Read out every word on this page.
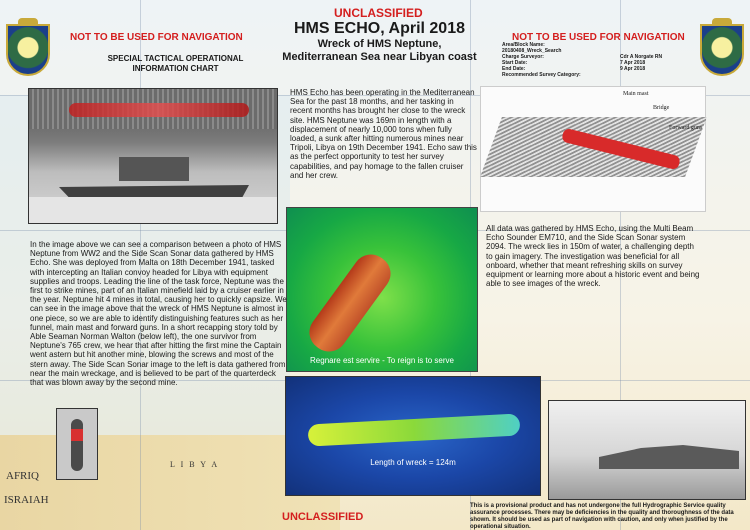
UNCLASSIFIED
HMS ECHO, April 2018
Wreck of HMS Neptune, Mediterranean Sea near Libyan coast
NOT TO BE USED FOR NAVIGATION	NOT TO BE USED FOR NAVIGATION
SPECIAL TACTICAL OPERATIONAL INFORMATION CHART
Area/Block Name:
20180408_Wreck_Search
Charge Surveyor:	Cdr A Norgate RN
Start Date:	7 Apr 2018
End Date:	9 Apr 2018
Recommended Survey Category:
HMS Echo has been operating in the Mediterranean Sea for the past 18 months, and her tasking in recent months has brought her close to the wreck site. HMS Neptune was 169m in length with a displacement of nearly 10,000 tons when fully loaded, a sunk after hitting numerous mines near Tripoli, Libya on 19th December 1941. Echo saw this as the perfect opportunity to test her survey capabilities, and pay homage to the fallen cruiser and her crew.
Main mast
Bridge
Forward guns
Regnare est servire - To reign is to serve
In the image above we can see a comparison between a photo of HMS Neptune from WW2 and the Side Scan Sonar data gathered by HMS Echo. She was deployed from Malta on 18th December 1941, tasked with intercepting an Italian convoy headed for Libya with equipment supplies and troops. Leading the line of the task force, Neptune was the first to strike mines, part of an Italian minefield laid by a cruiser earlier in the year. Neptune hit 4 mines in total, causing her to quickly capsize. We can see in the image above that the wreck of HMS Neptune is almost in one piece, so we are able to identify distinguishing features such as her funnel, main mast and forward guns. In a short recapping story told by Able Seaman Norman Walton (below left), the one survivor from Neptune's 765 crew, we hear that after hitting the first mine the Captain went astern but hit another mine, blowing the screws and most of the stern away. The Side Scan Sonar image to the left is data gathered from near the main wreckage, and is believed to be part of the quarterdeck that was blown away by the second mine.
All data was gathered by HMS Echo, using the Multi Beam Echo Sounder EM710, and the Side Scan Sonar system 2094. The wreck lies in 150m of water, a challenging depth to gain imagery. The investigation was beneficial for all onboard, whether that meant refreshing skills on survey equipment or learning more about a historic event and being able to see images of the wreck.
Length of wreck = 124m
AFRIQ
ISRAIAH
L I B Y A
UNCLASSIFIED
This is a provisional product and has not undergone the full Hydrographic Service quality assurance processes. There may be deficiencies in the quality and thoroughness of the data shown. It should be used as part of navigation with caution, and only when justified by the operational situation.
